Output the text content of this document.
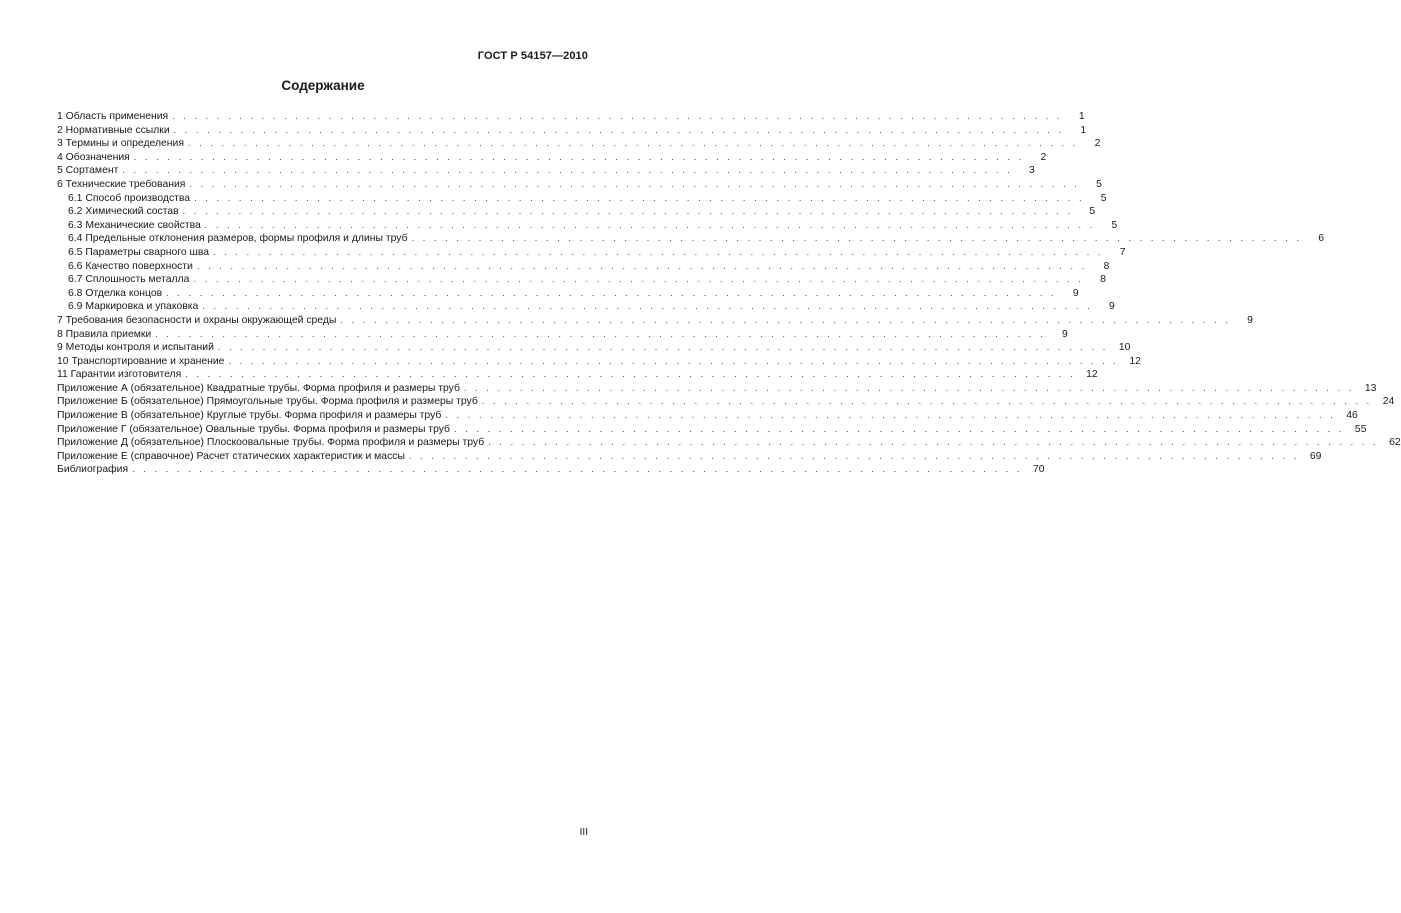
ГОСТ Р 54157—2010
Содержание
1 Область применения . . . . . . . . . . . . . . . . . . . . . . . . . . . . . . . . . . . . . . . . . . . . . . . . . . . . . . . . . . . . . . . . . . . . . . . . . . . . . . . .	1
2 Нормативные ссылки . . . . . . . . . . . . . . . . . . . . . . . . . . . . . . . . . . . . . . . . . . . . . . . . . . . . . . . . . . . . . . . . . . . . . . . . . . . . . . . .	1
3 Термины и определения . . . . . . . . . . . . . . . . . . . . . . . . . . . . . . . . . . . . . . . . . . . . . . . . . . . . . . . . . . . . . . . . . . . . . . . . . . . . . . . .	2
4 Обозначения . . . . . . . . . . . . . . . . . . . . . . . . . . . . . . . . . . . . . . . . . . . . . . . . . . . . . . . . . . . . . . . . . . . . . . . . . . . . . . . .	2
5 Сортамент . . . . . . . . . . . . . . . . . . . . . . . . . . . . . . . . . . . . . . . . . . . . . . . . . . . . . . . . . . . . . . . . . . . . . . . . . . . . . . . .	3
6 Технические требования . . . . . . . . . . . . . . . . . . . . . . . . . . . . . . . . . . . . . . . . . . . . . . . . . . . . . . . . . . . . . . . . . . . . . . . . . . . . . . . .	5
6.1 Способ производства . . . . . . . . . . . . . . . . . . . . . . . . . . . . . . . . . . . . . . . . . . . . . . . . . . . . . . . . . . . . . . . . . . . . . . . . . . . . . . . .	5
6.2 Химический состав . . . . . . . . . . . . . . . . . . . . . . . . . . . . . . . . . . . . . . . . . . . . . . . . . . . . . . . . . . . . . . . . . . . . . . . . . . . . . . . .	5
6.3 Механические свойства . . . . . . . . . . . . . . . . . . . . . . . . . . . . . . . . . . . . . . . . . . . . . . . . . . . . . . . . . . . . . . . . . . . . . . . . . . . . . . . .	5
6.4 Предельные отклонения размеров, формы профиля и длины труб . . . . . . . . . . . . . . . . . . . . . . . . . . . . . . . . . . . . . . . . . . . . . . . . . . . . . . . . . . . . . . . . . . . . . . . . . . . . . . . .	6
6.5 Параметры сварного шва . . . . . . . . . . . . . . . . . . . . . . . . . . . . . . . . . . . . . . . . . . . . . . . . . . . . . . . . . . . . . . . . . . . . . . . . . . . . . . . .	7
6.6 Качество поверхности . . . . . . . . . . . . . . . . . . . . . . . . . . . . . . . . . . . . . . . . . . . . . . . . . . . . . . . . . . . . . . . . . . . . . . . . . . . . . . . .	8
6.7 Сплошность металла . . . . . . . . . . . . . . . . . . . . . . . . . . . . . . . . . . . . . . . . . . . . . . . . . . . . . . . . . . . . . . . . . . . . . . . . . . . . . . . .	8
6.8 Отделка концов . . . . . . . . . . . . . . . . . . . . . . . . . . . . . . . . . . . . . . . . . . . . . . . . . . . . . . . . . . . . . . . . . . . . . . . . . . . . . . . .	9
6.9 Маркировка и упаковка . . . . . . . . . . . . . . . . . . . . . . . . . . . . . . . . . . . . . . . . . . . . . . . . . . . . . . . . . . . . . . . . . . . . . . . . . . . . . . . .	9
7 Требования безопасности и охраны окружающей среды . . . . . . . . . . . . . . . . . . . . . . . . . . . . . . . . . . . . . . . . . . . . . . . . . . . . . . . . . . . . . . . . . . . . . . . . . . . . . . . .	9
8 Правила приемки . . . . . . . . . . . . . . . . . . . . . . . . . . . . . . . . . . . . . . . . . . . . . . . . . . . . . . . . . . . . . . . . . . . . . . . . . . . . . . . .	9
9 Методы контроля и испытаний . . . . . . . . . . . . . . . . . . . . . . . . . . . . . . . . . . . . . . . . . . . . . . . . . . . . . . . . . . . . . . . . . . . . . . . . . . . . . . . .	10
10 Транспортирование и хранение . . . . . . . . . . . . . . . . . . . . . . . . . . . . . . . . . . . . . . . . . . . . . . . . . . . . . . . . . . . . . . . . . . . . . . . . . . . . . . . .	12
11 Гарантии изготовителя . . . . . . . . . . . . . . . . . . . . . . . . . . . . . . . . . . . . . . . . . . . . . . . . . . . . . . . . . . . . . . . . . . . . . . . . . . . . . . . .	12
Приложение А (обязательное) Квадратные трубы. Форма профиля и размеры труб . . . . . . . . . . . . . . . . . . . . . . . . . . . . . . . . . . . . . . . . . . . . . . . . . . . . . . . . . . . . . . . . . . . . . . . . . . . . . . . .	13
Приложение Б (обязательное) Прямоугольные трубы. Форма профиля и размеры труб . . . . . . . . . . . . . . . . . . . . . . . . . . . . . . . . . . . . . . . . . . . . . . . . . . . . . . . . . . . . . . . . . . . . . . . . . . . . . . . .	24
Приложение В (обязательное) Круглые трубы. Форма профиля и размеры труб . . . . . . . . . . . . . . . . . . . . . . . . . . . . . . . . . . . . . . . . . . . . . . . . . . . . . . . . . . . . . . . . . . . . . . . . . . . . . . . .	46
Приложение Г (обязательное) Овальные трубы. Форма профиля и размеры труб . . . . . . . . . . . . . . . . . . . . . . . . . . . . . . . . . . . . . . . . . . . . . . . . . . . . . . . . . . . . . . . . . . . . . . . . . . . . . . . .	55
Приложение Д (обязательное) Плоскоовальные трубы. Форма профиля и размеры труб . . . . . . . . . . . . . . . . . . . . . . . . . . . . . . . . . . . . . . . . . . . . . . . . . . . . . . . . . . . . . . . . . . . . . . . . . . . . . . . .	62
Приложение Е (справочное) Расчет статических характеристик и массы . . . . . . . . . . . . . . . . . . . . . . . . . . . . . . . . . . . . . . . . . . . . . . . . . . . . . . . . . . . . . . . . . . . . . . . . . . . . . . . .	69
Библиография . . . . . . . . . . . . . . . . . . . . . . . . . . . . . . . . . . . . . . . . . . . . . . . . . . . . . . . . . . . . . . . . . . . . . . . . . . . . . . . .	70
III
